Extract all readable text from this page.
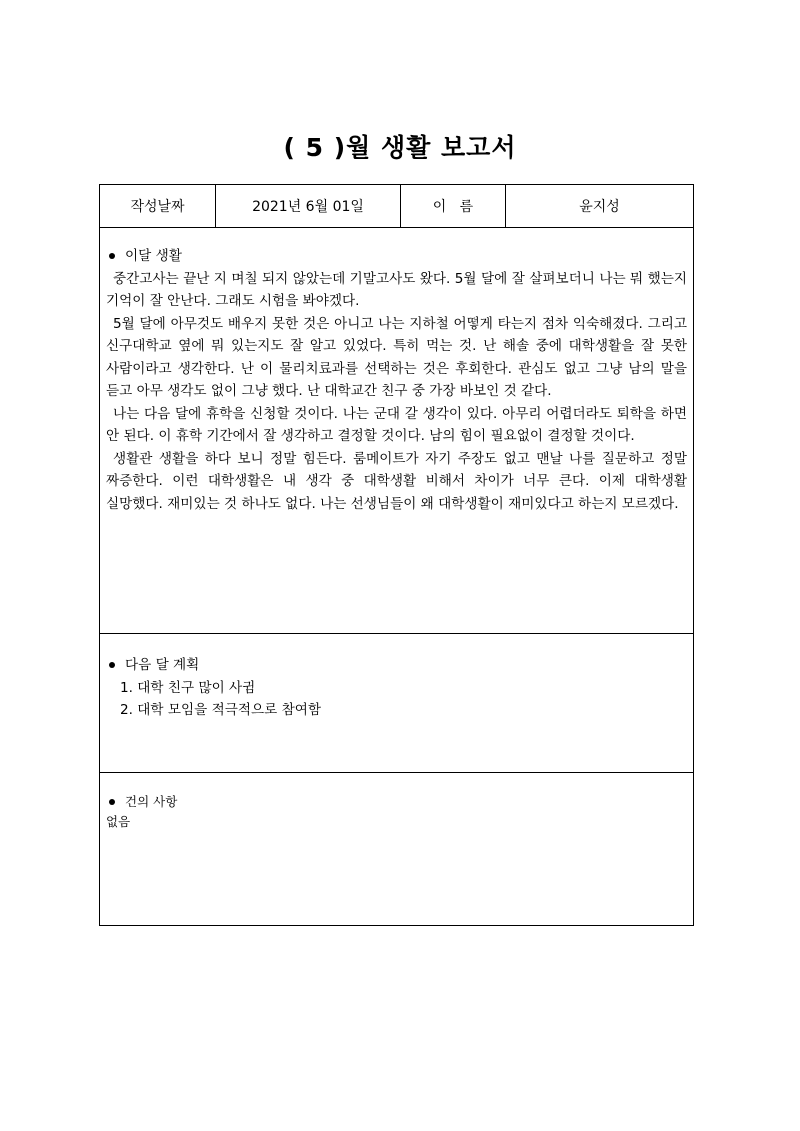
( 5 )월 생활 보고서
작성날짜	2021년 6월 01일	이   름	윤지성
이달 생활
중간고사는 끝난 지 며칠 되지 않았는데 기말고사도 왔다. 5월 달에 잘 살펴보더니 나는 뭐 했는지 기억이 잘 안난다. 그래도 시험을 봐야겠다.
5월 달에 아무것도 배우지 못한 것은 아니고 나는 지하철 어떻게 타는지 점차 익숙해졌다. 그리고 신구대학교 옆에 뭐 있는지도 잘 알고 있었다. 특히 먹는 것. 난 해솔 중에 대학생활을 잘 못한 사람이라고 생각한다. 난 이 물리치료과를 선택하는 것은 후회한다. 관심도 없고 그냥 남의 말을 듣고 아무 생각도 없이 그냥 했다. 난 대학교간 친구 중 가장 바보인 것 같다.
나는 다음 달에 휴학을 신청할 것이다. 나는 군대 갈 생각이 있다. 아무리 어렵더라도 퇴학을 하면 안 된다. 이 휴학 기간에서 잘 생각하고 결정할 것이다. 남의 힘이 필요없이 결정할 것이다.
생활관 생활을 하다 보니 정말 힘든다. 룸메이트가 자기 주장도 없고 맨날 나를 질문하고 정말 짜증한다. 이런 대학생활은 내 생각 중 대학생활 비해서 차이가 너무 큰다. 이제 대학생활 실망했다. 재미있는 것 하나도 없다. 나는 선생님들이 왜 대학생활이 재미있다고 하는지 모르겠다.
다음 달 계획
1. 대학 친구 많이 사귐
2. 대학 모임을 적극적으로 참여함
건의 사항
없음
